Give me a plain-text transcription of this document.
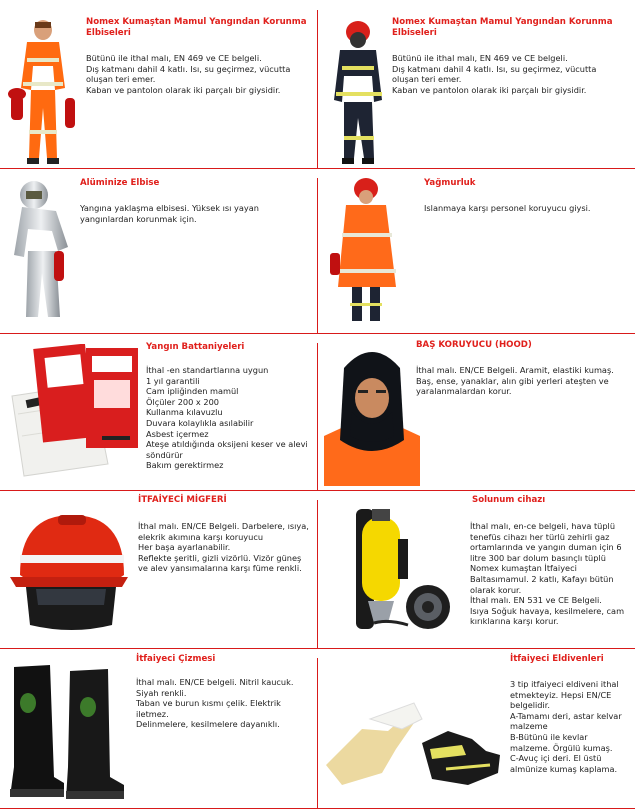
Nomex Kumaştan Mamul Yangından Korunma Elbiseleri
Bütünü ile ithal malı, EN 469 ve CE belgeli.
Dış katmanı dahil 4 katlı. Isı, su geçirmez, vücutta oluşan teri emer.
Kaban ve pantolon olarak iki parçalı bir giysidir.
Nomex Kumaştan Mamul Yangından Korunma Elbiseleri
Bütünü ile ithal malı, EN 469 ve CE belgeli.
Dış katmanı dahil 4 katlı. Isı, su geçirmez, vücutta oluşan teri emer.
Kaban ve pantolon olarak iki parçalı bir giysidir.
Alüminize Elbise
Yangına yaklaşma elbisesi. Yüksek ısı yayan yangınlardan korunmak için.
Yağmurluk
Islanmaya karşı personel koruyucu giysi.
Yangın Battaniyeleri
İthal -en standartlarına uygun
1 yıl garantili
Cam ipliğinden mamül
Ölçüler 200 x 200
Kullanma kılavuzlu
Duvara kolaylıkla asılabilir
Asbest içermez
Ateşe atıldığında oksijeni keser ve alevi söndürür
Bakım gerektirmez
BAŞ KORUYUCU (HOOD)
İthal malı. EN/CE Belgeli. Aramit, elastiki kumaş.
Baş, ense, yanaklar, alın gibi yerleri ateşten ve yaralanmalardan korur.
İTFAİYECİ MİGFERİ
İthal malı. EN/CE Belgeli. Darbelere, ısıya, elekrik akımına karşı koruyucu
Her başa ayarlanabilir.
Reflekte şeritli, gizli vizörlü. Vizör güneş ve alev yansımalarına karşı füme renkli.
Solunum cihazı
İthal malı, en-ce belgeli, hava tüplü tenefüs cihazı her türlü zehirli gaz ortamlarında ve yangın duman için 6 litre 300 bar dolum basınçlı tüplü Nomex kumaştan İtfaiyeci Baltasımamul. 2 katlı, Kafayı bütün olarak korur.
İthal malı. EN 531 ve CE Belgeli.
Isıya Soğuk havaya, kesilmelere, cam kırıklarına karşı korur.
İtfaiyeci Çizmesi
İthal malı. EN/CE belgeli. Nitril kaucuk.
Siyah renkli.
Taban ve burun kısmı çelik. Elektrik iletmez.
Delinmelere, kesilmelere dayanıklı.
İtfaiyeci Eldivenleri
3 tip itfaiyeci eldiveni ithal etmekteyiz. Hepsi EN/CE belgelidir.
A-Tamamı deri, astar kelvar malzeme
B-Bütünü ile kevlar malzeme. Örgülü kumaş.
C-Avuç içi deri. El üstü almünize kumaş kaplama.
